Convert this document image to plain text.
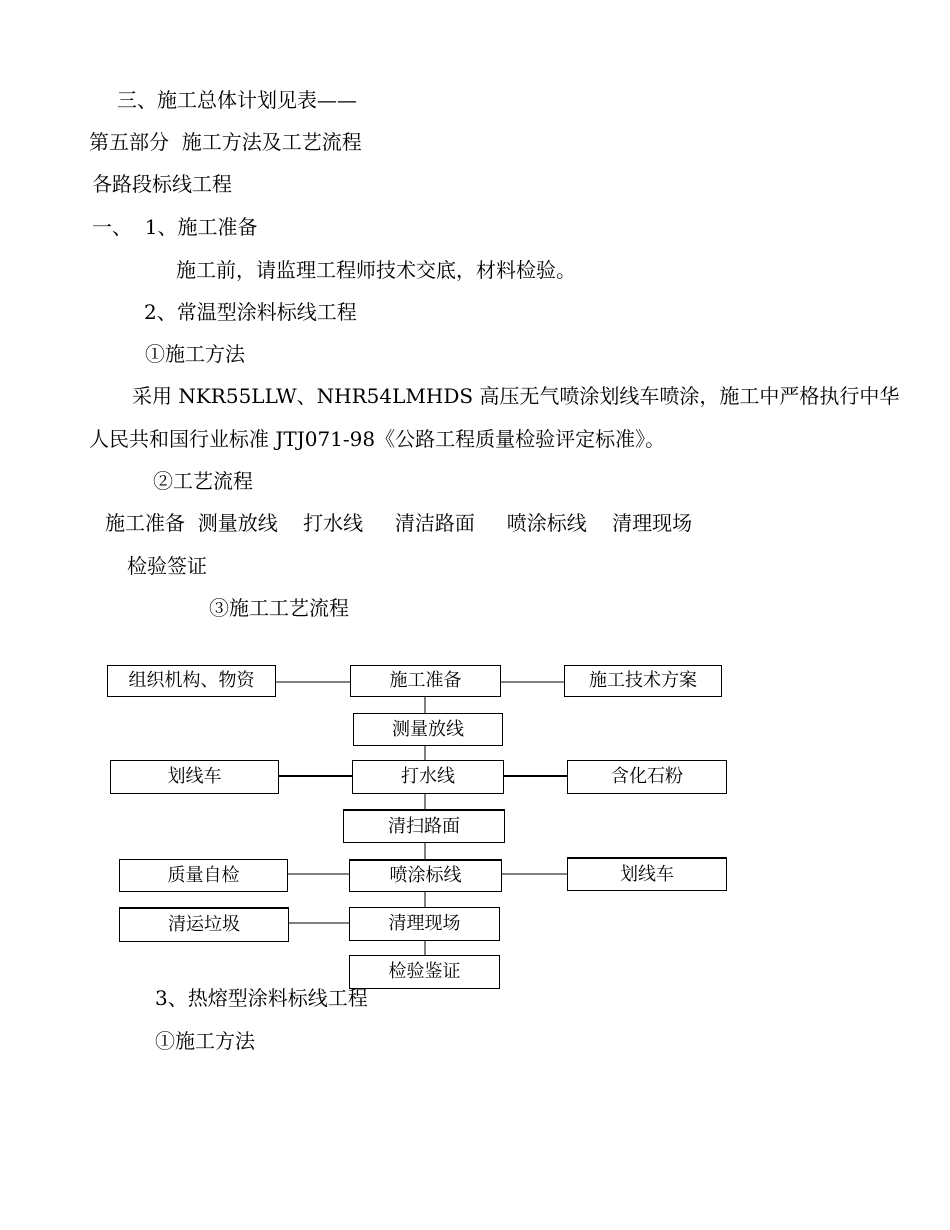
三、施工总体计划见表——
第五部分  施工方法及工艺流程
各路段标线工程
一、  1、施工准备
施工前，请监理工程师技术交底，材料检验。
2、常温型涂料标线工程
①施工方法
采用 NKR55LLW、NHR54LMHDS 高压无气喷涂划线车喷涂，施工中严格执行中华
人民共和国行业标准 JTJ071-98《公路工程质量检验评定标准》。
②工艺流程
施工准备  测量放线    打水线     清洁路面     喷涂标线    清理现场
检验签证
③施工工艺流程
组织机构、物资	施工准备	施工技术方案
测量放线
划线车	打水线	含化石粉
清扫路面
质量自检	喷涂标线	划线车
清运垃圾	清理现场
检验鉴证
3、热熔型涂料标线工程
①施工方法
